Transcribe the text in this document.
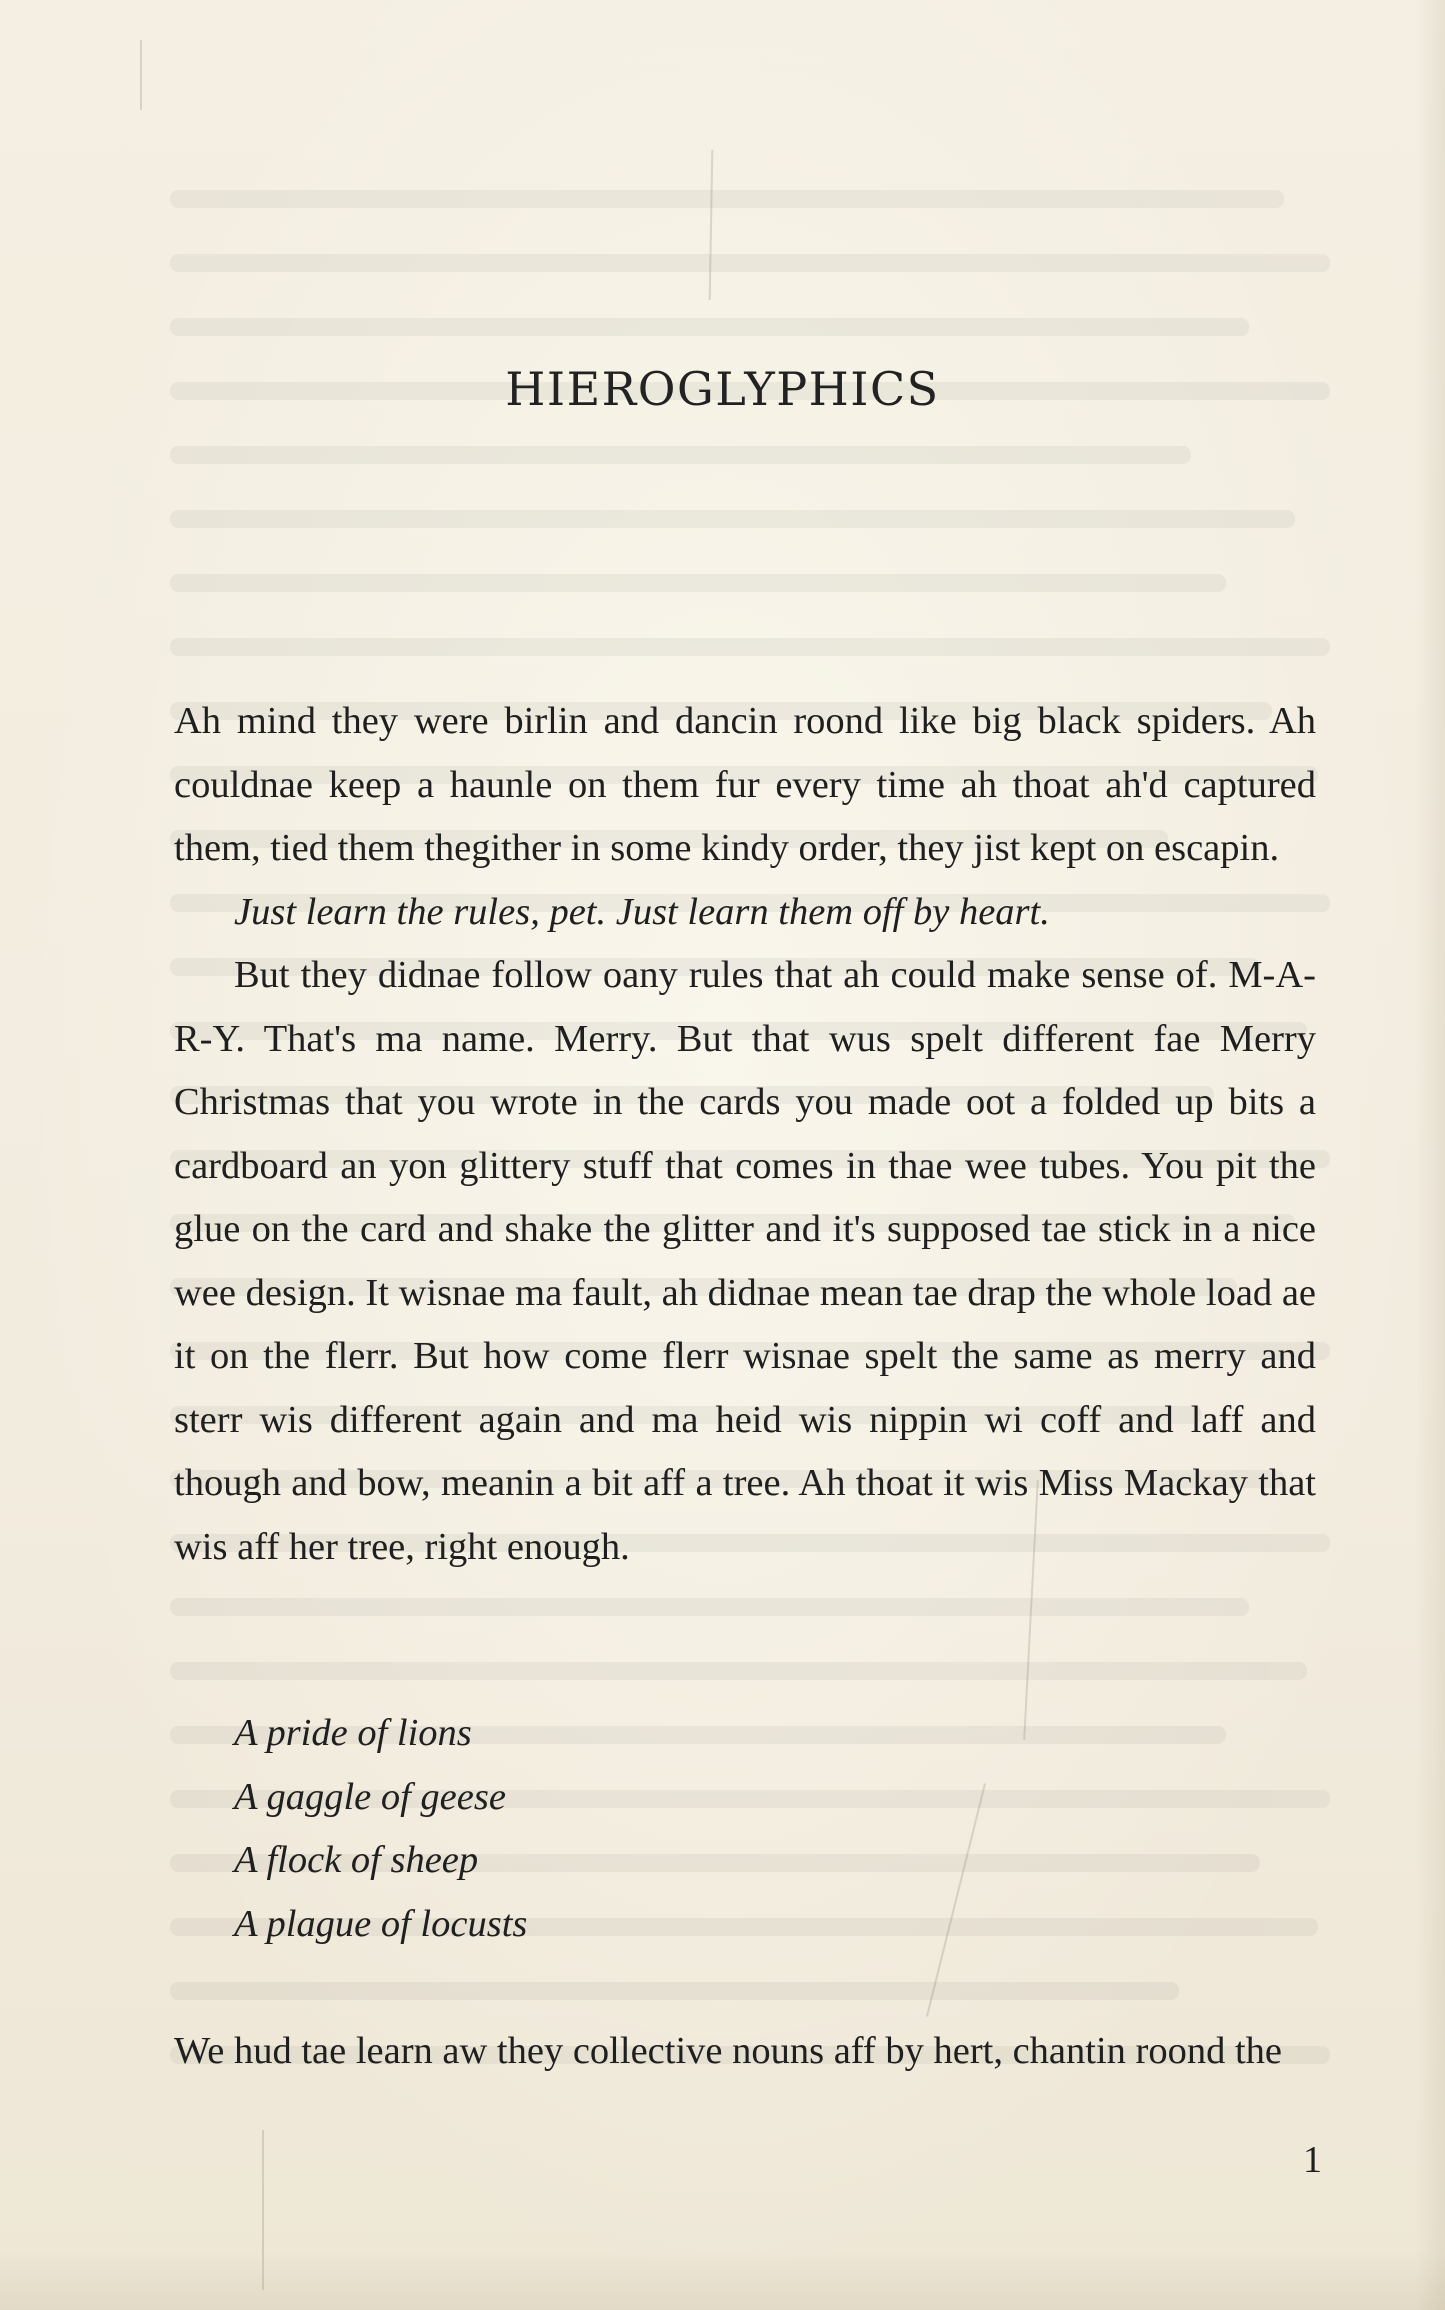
HIEROGLYPHICS

Ah mind they were birlin and dancin roond like big black spiders. Ah couldnae keep a haunle on them fur every time ah thoat ah'd captured them, tied them thegither in some kindy order, they jist kept on escapin.

Just learn the rules, pet. Just learn them off by heart.

But they didnae follow oany rules that ah could make sense of. M-A-R-Y. That's ma name. Merry. But that wus spelt different fae Merry Christmas that you wrote in the cards you made oot a folded up bits a cardboard an yon glittery stuff that comes in thae wee tubes. You pit the glue on the card and shake the glitter and it's supposed tae stick in a nice wee design. It wisnae ma fault, ah didnae mean tae drap the whole load ae it on the flerr. But how come flerr wisnae spelt the same as merry and sterr wis different again and ma heid wis nippin wi coff and laff and though and bow, meanin a bit aff a tree. Ah thoat it wis Miss Mackay that wis aff her tree, right enough.

A pride of lions
A gaggle of geese
A flock of sheep
A plague of locusts

We hud tae learn aw they collective nouns aff by hert, chantin roond the

1
